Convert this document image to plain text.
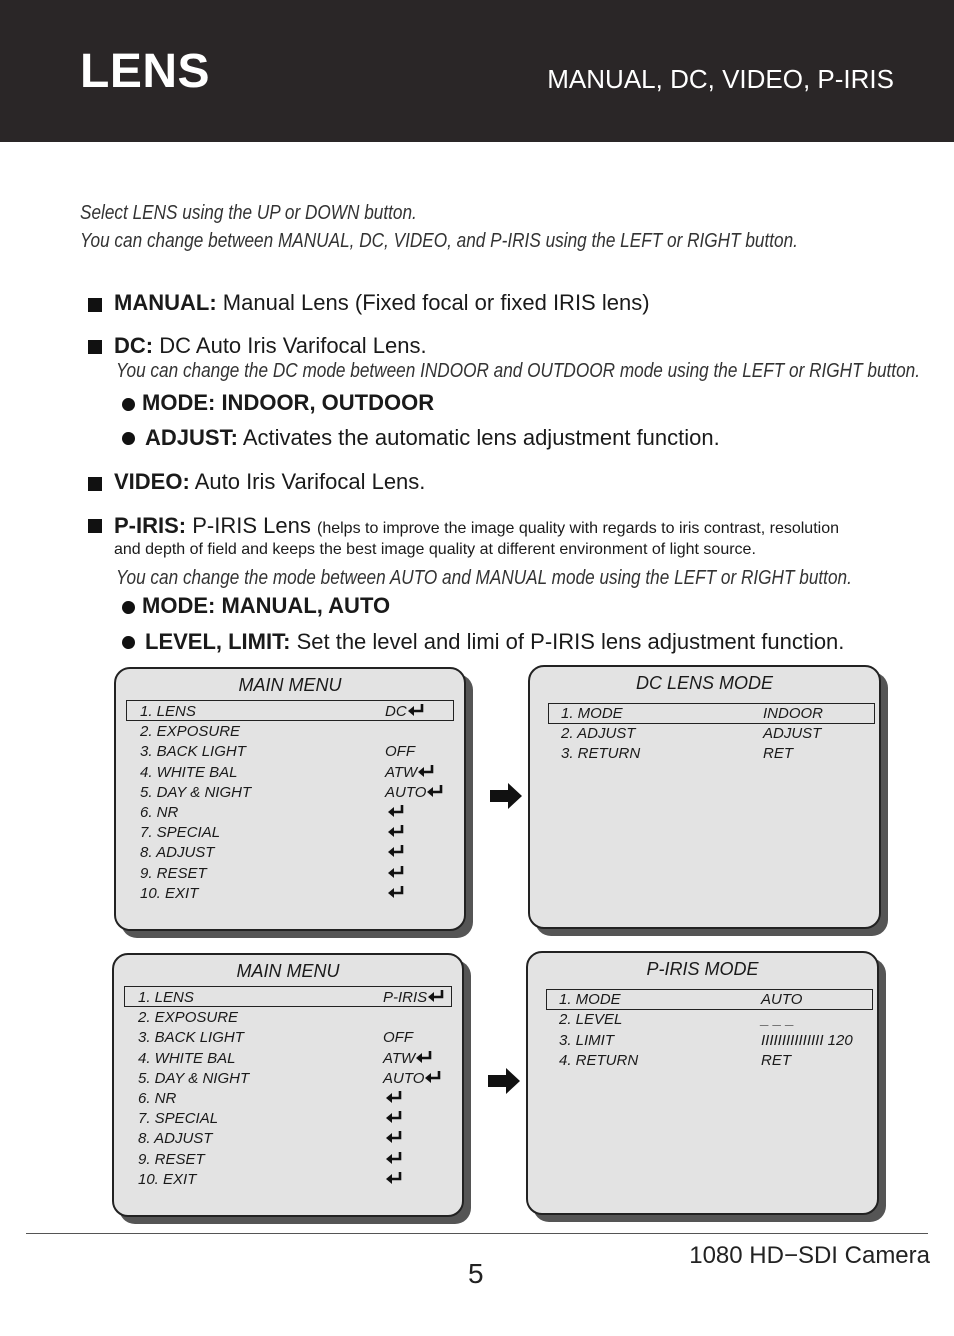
LENS	MANUAL, DC, VIDEO, P-IRIS
Select LENS using the UP or DOWN button.
You can change between MANUAL, DC, VIDEO, and P-IRIS using the LEFT or RIGHT button.
MANUAL: Manual Lens (Fixed focal or fixed IRIS lens)
DC: DC Auto Iris Varifocal Lens.
You can change the DC mode between INDOOR and OUTDOOR mode using the LEFT or RIGHT button.
MODE: INDOOR, OUTDOOR
ADJUST: Activates the automatic lens adjustment function.
VIDEO: Auto Iris Varifocal Lens.
P-IRIS: P-IRIS Lens (helps to improve the image quality with regards to iris contrast, resolution
and depth of field and keeps the best image quality at different environment of light source.
You can change the mode between AUTO and MANUAL mode using the LEFT or RIGHT button.
MODE: MANUAL, AUTO
LEVEL, LIMIT: Set the level and limi of P-IRIS lens adjustment function.
MAIN MENU
1. LENS	DC
2. EXPOSURE
3. BACK LIGHT	OFF
4. WHITE BAL	ATW
5. DAY & NIGHT	AUTO
6. NR
7. SPECIAL
8. ADJUST
9. RESET
10. EXIT
DC LENS MODE
1. MODE	INDOOR
2. ADJUST	ADJUST
3. RETURN	RET
MAIN MENU
1. LENS	P-IRIS
2. EXPOSURE
3. BACK LIGHT	OFF
4. WHITE BAL	ATW
5. DAY & NIGHT	AUTO
6. NR
7. SPECIAL
8. ADJUST
9. RESET
10. EXIT
P-IRIS MODE
1. MODE	AUTO
2. LEVEL	_ _ _
3. LIMIT	IIIIIIIIIIIIIII 120
4. RETURN	RET
5
1080 HD−SDI Camera
